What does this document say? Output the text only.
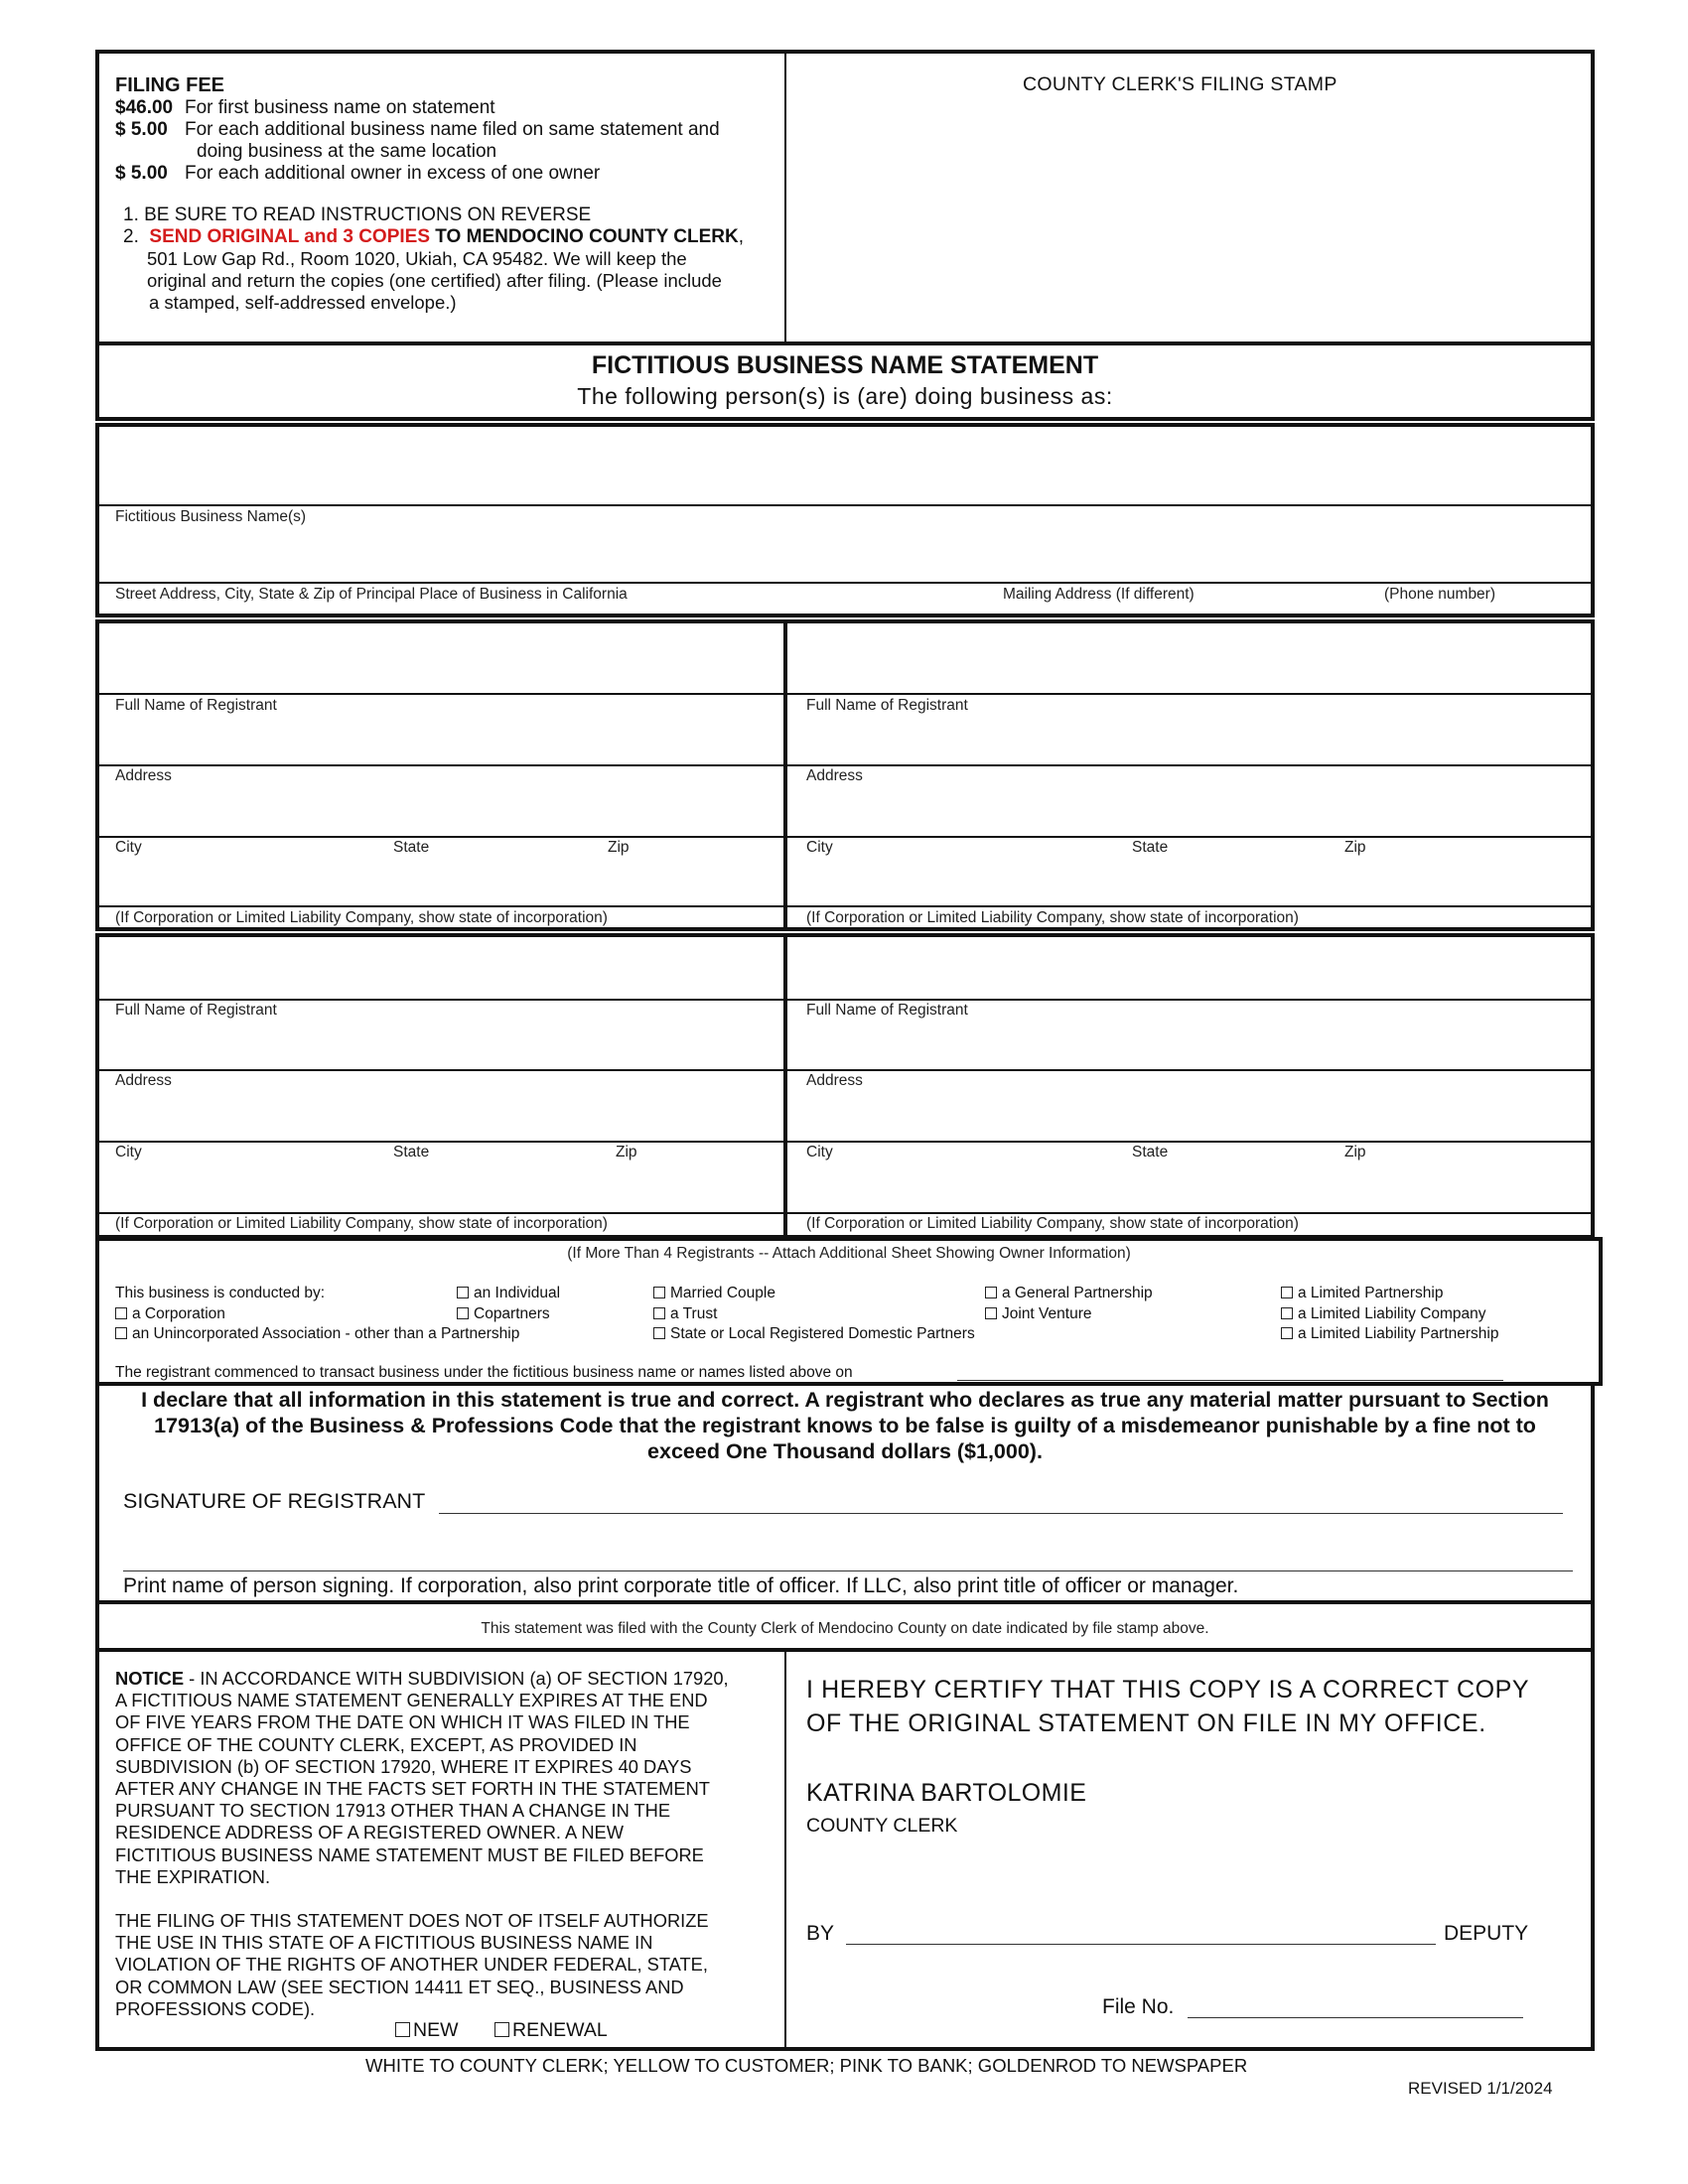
FILING FEE
$46.00 For first business name on statement
$ 5.00 For each additional business name filed on same statement and
doing business at the same location
$ 5.00 For each additional owner in excess of one owner
1. BE SURE TO READ INSTRUCTIONS ON REVERSE
2. SEND ORIGINAL and 3 COPIES TO MENDOCINO COUNTY CLERK,
501 Low Gap Rd., Room 1020, Ukiah, CA 95482. We will keep the
original and return the copies (one certified) after filing. (Please include
a stamped, self-addressed envelope.)
COUNTY CLERK'S FILING STAMP
FICTITIOUS BUSINESS NAME STATEMENT
The following person(s) is (are) doing business as:
Fictitious Business Name(s)
Street Address, City, State & Zip of Principal Place of Business in California	Mailing Address (If different)	(Phone number)
Full Name of Registrant
Address
City	State	Zip
(If Corporation or Limited Liability Company, show state of incorporation)
Full Name of Registrant
Address
City	State	Zip
(If Corporation or Limited Liability Company, show state of incorporation)
Full Name of Registrant
Address
City	State	Zip
(If Corporation or Limited Liability Company, show state of incorporation)
Full Name of Registrant
Address
City	State	Zip
(If Corporation or Limited Liability Company, show state of incorporation)
(If More Than 4 Registrants -- Attach Additional Sheet Showing Owner Information)
This business is conducted by:
a Corporation
an Unincorporated Association - other than a Partnership
an Individual
Copartners
Married Couple
a Trust
State or Local Registered Domestic Partners
a General Partnership
Joint Venture
a Limited Partnership
a Limited Liability Company
a Limited Liability Partnership
The registrant commenced to transact business under the fictitious business name or names listed above on
I declare that all information in this statement is true and correct. A registrant who declares as true any material matter pursuant to Section
17913(a) of the Business & Professions Code that the registrant knows to be false is guilty of a misdemeanor punishable by a fine not to
exceed One Thousand dollars ($1,000).
SIGNATURE OF REGISTRANT
Print name of person signing. If corporation, also print corporate title of officer. If LLC, also print title of officer or manager.
This statement was filed with the County Clerk of Mendocino County on date indicated by file stamp above.
NOTICE - IN ACCORDANCE WITH SUBDIVISION (a) OF SECTION 17920,
A FICTITIOUS NAME STATEMENT GENERALLY EXPIRES AT THE END
OF FIVE YEARS FROM THE DATE ON WHICH IT WAS FILED IN THE
OFFICE OF THE COUNTY CLERK, EXCEPT, AS PROVIDED IN
SUBDIVISION (b) OF SECTION 17920, WHERE IT EXPIRES 40 DAYS
AFTER ANY CHANGE IN THE FACTS SET FORTH IN THE STATEMENT
PURSUANT TO SECTION 17913 OTHER THAN A CHANGE IN THE
RESIDENCE ADDRESS OF A REGISTERED OWNER. A NEW
FICTITIOUS BUSINESS NAME STATEMENT MUST BE FILED BEFORE
THE EXPIRATION.
THE FILING OF THIS STATEMENT DOES NOT OF ITSELF AUTHORIZE
THE USE IN THIS STATE OF A FICTITIOUS BUSINESS NAME IN
VIOLATION OF THE RIGHTS OF ANOTHER UNDER FEDERAL, STATE,
OR COMMON LAW (SEE SECTION 14411 ET SEQ., BUSINESS AND
PROFESSIONS CODE).
NEW	RENEWAL
I HEREBY CERTIFY THAT THIS COPY IS A CORRECT COPY
OF THE ORIGINAL STATEMENT ON FILE IN MY OFFICE.
KATRINA BARTOLOMIE
COUNTY CLERK
BY	DEPUTY
File No.
WHITE TO COUNTY CLERK; YELLOW TO CUSTOMER; PINK TO BANK; GOLDENROD TO NEWSPAPER
REVISED 1/1/2024
